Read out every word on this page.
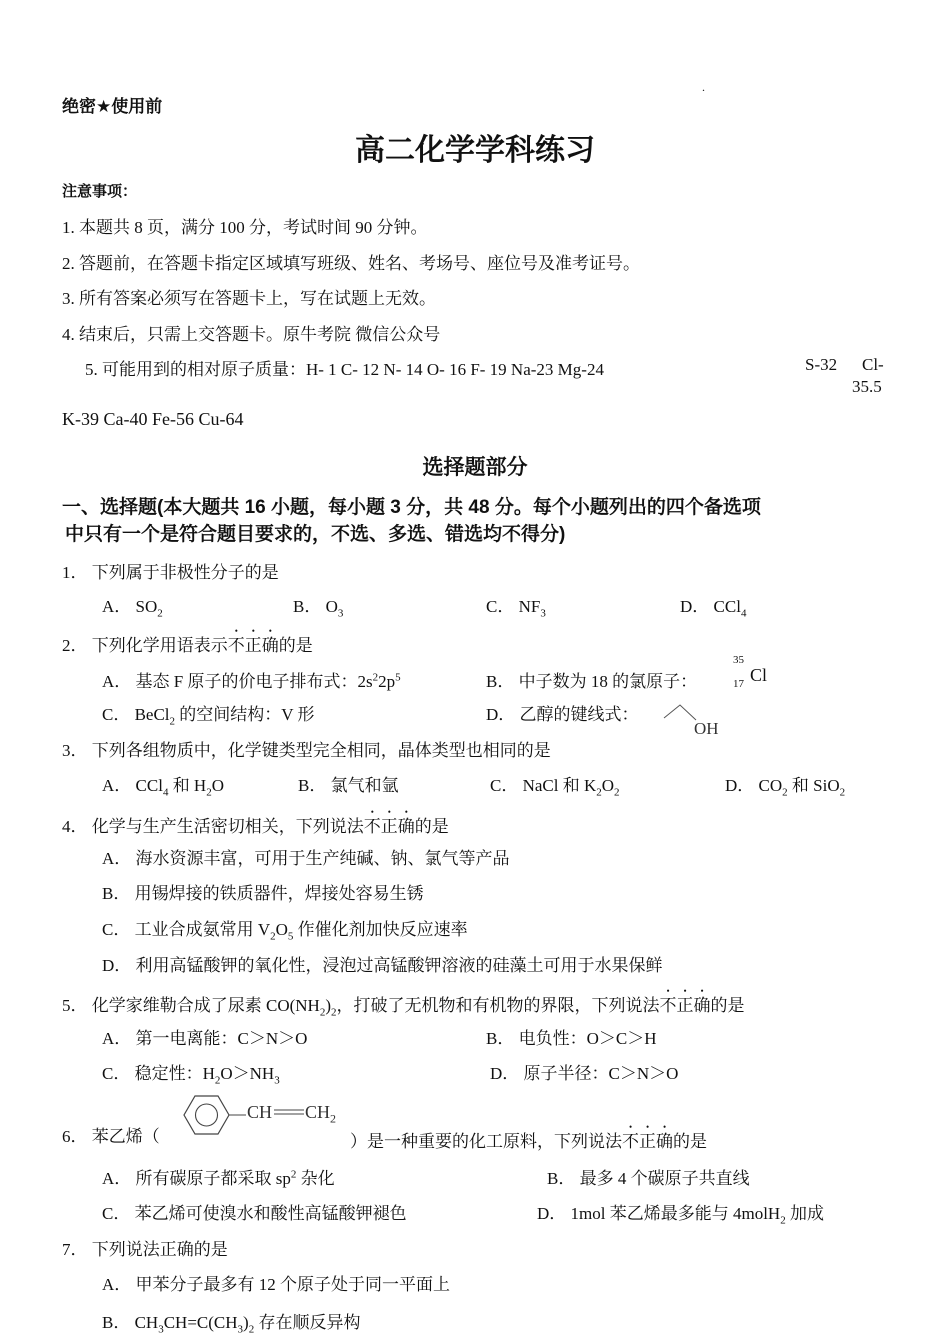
.
绝密★使用前
高二化学学科练习
注意事项：
1. 本题共 8 页，满分 100 分，考试时间 90 分钟。
2. 答题前，在答题卡指定区域填写班级、姓名、考场号、座位号及准考证号。
3. 所有答案必须写在答题卡上，写在试题上无效。
4. 结束后，只需上交答题卡。原牛考院 微信公众号
5. 可能用到的相对原子质量：H- 1 C- 12 N- 14 O- 16 F- 19 Na-23 Mg-24	S-32 Cl-
35.5
K-39 Ca-40 Fe-56 Cu-64
选择题部分
一、选择题(本大题共 16 小题，每小题 3 分，共 48 分。每个小题列出的四个备选项
中只有一个是符合题目要求的，不选、多选、错选均不得分)
1． 下列属于非极性分子的是
A． $SO_2$	B． $O_3$	C． $NF_3$	D． CCl$_4$
2． 下列化学用语表示不正确的是
A． 基态 F 原子的价电子排布式：$2s^22p^5$	B． 中子数为 18 的氯原子：
35
17 Cl
C． BeCl$_2$ 的空间结构：V 形	D． 乙醇的键线式：
OH
3． 下列各组物质中，化学键类型完全相同，晶体类型也相同的是
A． CCl$_4$ 和 $H_2O$	B． 氯气和氩	C． NaCl 和 $K_2O_2$	D． $CO_2$ 和 SiO$_2$
4． 化学与生产生活密切相关，下列说法不正确的是
A． 海水资源丰富，可用于生产纯碱、钠、氯气等产品
B． 用锡焊接的铁质器件，焊接处容易生锈
C． 工业合成氨常用 $V_2O_5$ 作催化剂加快反应速率
D． 利用高锰酸钾的氧化性，浸泡过高锰酸钾溶液的硅藻土可用于水果保鲜
5． 化学家维勒合成了尿素 $CO(NH_2)_2$，打破了无机物和有机物的界限，下列说法不正确的是
A． 第一电离能：C＞N＞O	B． 电负性：O＞C＞H
C． 稳定性：$H_2O>NH_3$	D． 原子半径：C＞N＞O
6． 苯乙烯（
CH $CH_2$
）是一种重要的化工原料，下列说法不正确的是
A． 所有碳原子都采取 $sp^2$ 杂化	B． 最多 4 个碳原子共直线
C． 苯乙烯可使溴水和酸性高锰酸钾褪色	D． 1mol 苯乙烯最多能与 4molH$_2$ 加成
7． 下列说法正确的是
A． 甲苯分子最多有 12 个原子处于同一平面上
B． $CH_3CH=C(CH_3)_2$ 存在顺反异构
